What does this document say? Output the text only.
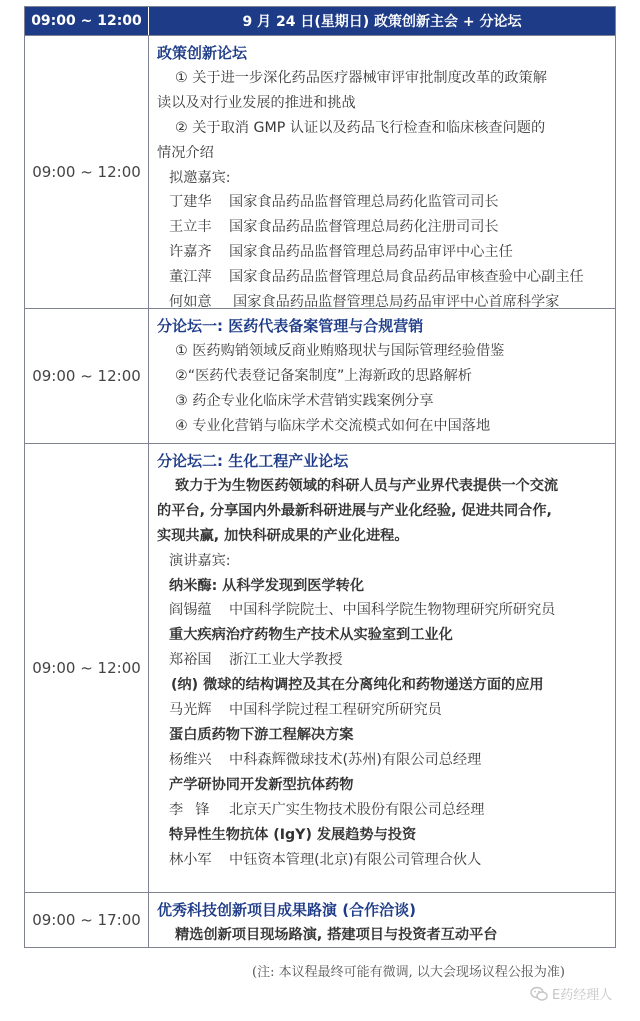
09:00 ~ 12:00	9 月 24 日(星期日) 政策创新主会 + 分论坛
09:00 ~ 12:00
政策创新论坛
① 关于进一步深化药品医疗器械审评审批制度改革的政策解
读以及对行业发展的推进和挑战
② 关于取消 GMP 认证以及药品飞行检查和临床核查问题的
情况介绍
拟邀嘉宾:
丁建华 国家食品药品监督管理总局药化监管司司长
王立丰 国家食品药品监督管理总局药化注册司司长
许嘉齐 国家食品药品监督管理总局药品审评中心主任
董江萍 国家食品药品监督管理总局食品药品审核查验中心副主任
何如意 国家食品药品监督管理总局药品审评中心首席科学家
09:00 ~ 12:00
分论坛一: 医药代表备案管理与合规营销
① 医药购销领域反商业贿赂现状与国际管理经验借鉴
②“医药代表登记备案制度”上海新政的思路解析
③ 药企专业化临床学术营销实践案例分享
④ 专业化营销与临床学术交流模式如何在中国落地
09:00 ~ 12:00
分论坛二: 生化工程产业论坛
致力于为生物医药领域的科研人员与产业界代表提供一个交流
的平台, 分享国内外最新科研进展与产业化经验, 促进共同合作,
实现共赢, 加快科研成果的产业化进程。
演讲嘉宾:
纳米酶: 从科学发现到医学转化
阎锡蕴 中国科学院院士、中国科学院生物物理研究所研究员
重大疾病治疗药物生产技术从实验室到工业化
郑裕国 浙江工业大学教授
(纳) 微球的结构调控及其在分离纯化和药物递送方面的应用
马光辉 中国科学院过程工程研究所研究员
蛋白质药物下游工程解决方案
杨维兴 中科森辉微球技术(苏州)有限公司总经理
产学研协同开发新型抗体药物
李锋 北京天广实生物技术股份有限公司总经理
特异性生物抗体 (IgY) 发展趋势与投资
林小军 中钰资本管理(北京)有限公司管理合伙人
09:00 ~ 17:00
优秀科技创新项目成果路演 (合作洽谈)
精选创新项目现场路演, 搭建项目与投资者互动平台
(注: 本议程最终可能有微调, 以大会现场议程公报为准)
E药经理人
